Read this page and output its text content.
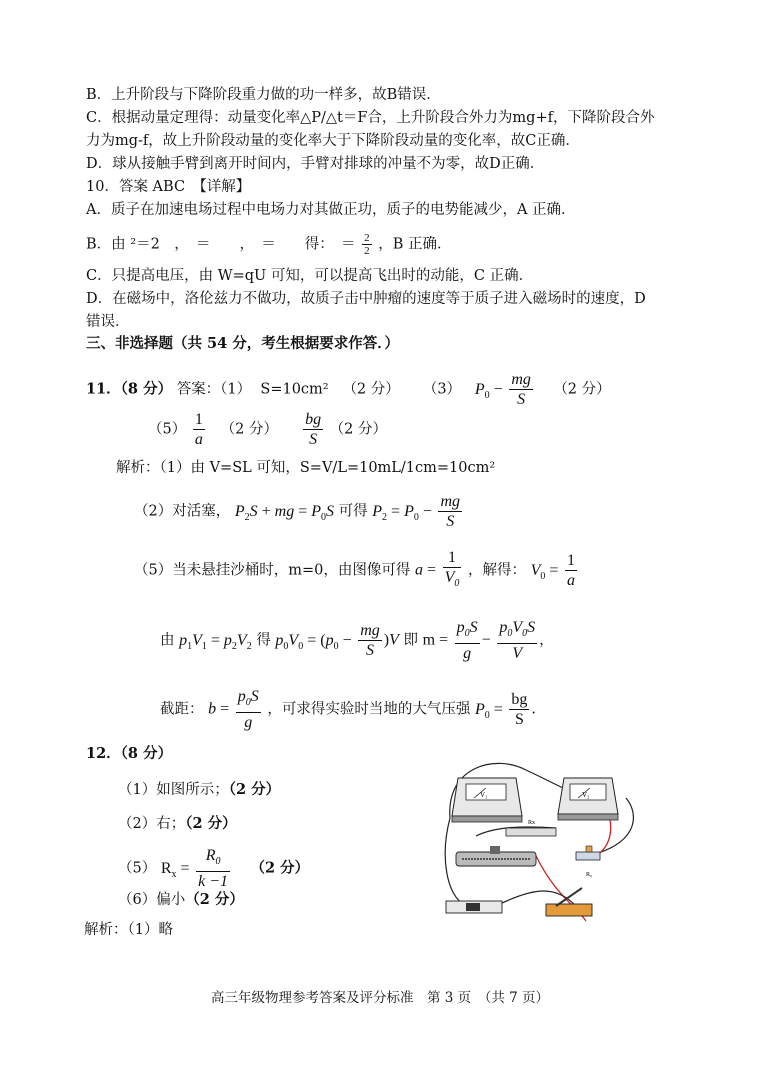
B．上升阶段与下降阶段重力做的功一样多，故B错误．
C．根据动量定理得：动量变化率△P/△t＝F合，上升阶段合外力为mg+f，下降阶段合外
力为mg-f，故上升阶段动量的变化率大于下降阶段动量的变化率，故C正确．
D．球从接触手臂到离开时间内，手臂对排球的冲量不为零，故D正确．
10．答案 ABC　【详解】
A．质子在加速电场过程中电场力对其做正功，质子的电势能减少，A 正确．
B．由 ²＝2　，　＝　　，　＝　　得：　＝ $\frac{2}{2}$ ，B 正确．
C．只提高电压，由 W=qU 可知，可以提高飞出时的动能，C 正确．
D．在磁场中，洛伦兹力不做功，故质子击中肿瘤的速度等于质子进入磁场时的速度，D
错误．
三、非选择题（共 54 分，考生根据要求作答．）
11．（8 分） 答案：（1） S=10cm² （2 分） （3） $P_0 - \frac{mg}{S} (2$ 分）
$(5) \frac{1}{a} (2$ 分） $\frac{bg}{S} (2$ 分）
解析：（1）由 V=SL 可知，S=V/L=10mL/1cm=10cm²
（2）对活塞， $P_2S$ + mg = $P_0S$ 可得 $P_2 = P_0 - \frac{mg}{S}$
（5）当未悬挂沙桶时，m=0，由图像可得 $a = \frac{1}{V_0}$ ，解得： $V_0 = \frac{1}{a}$
由 $p_1V_1 = p_2V_2$ 得 $p_0V_0 = (p_0 - \frac{mg}{S} )V$ 即 $m = \frac{p_0S}{g} - \frac{p_0V_0S}{V}$ ，
截距： $b = \frac{p_0S}{g}$ ，可求得实验时当地的大气压强 $P_0 = \frac{bg}{S}$ .
12．（8 分）
（1）如图所示；（2 分）
（2）右；（2 分）
（5） $R_x = \frac{R_0}{k -1} (2$ 分）
（6）偏小（2 分）
解析：（1）略
V₁	V₂
Rx
R₀
高三年级物理参考答案及评分标准　第 3 页　（共 7 页）
